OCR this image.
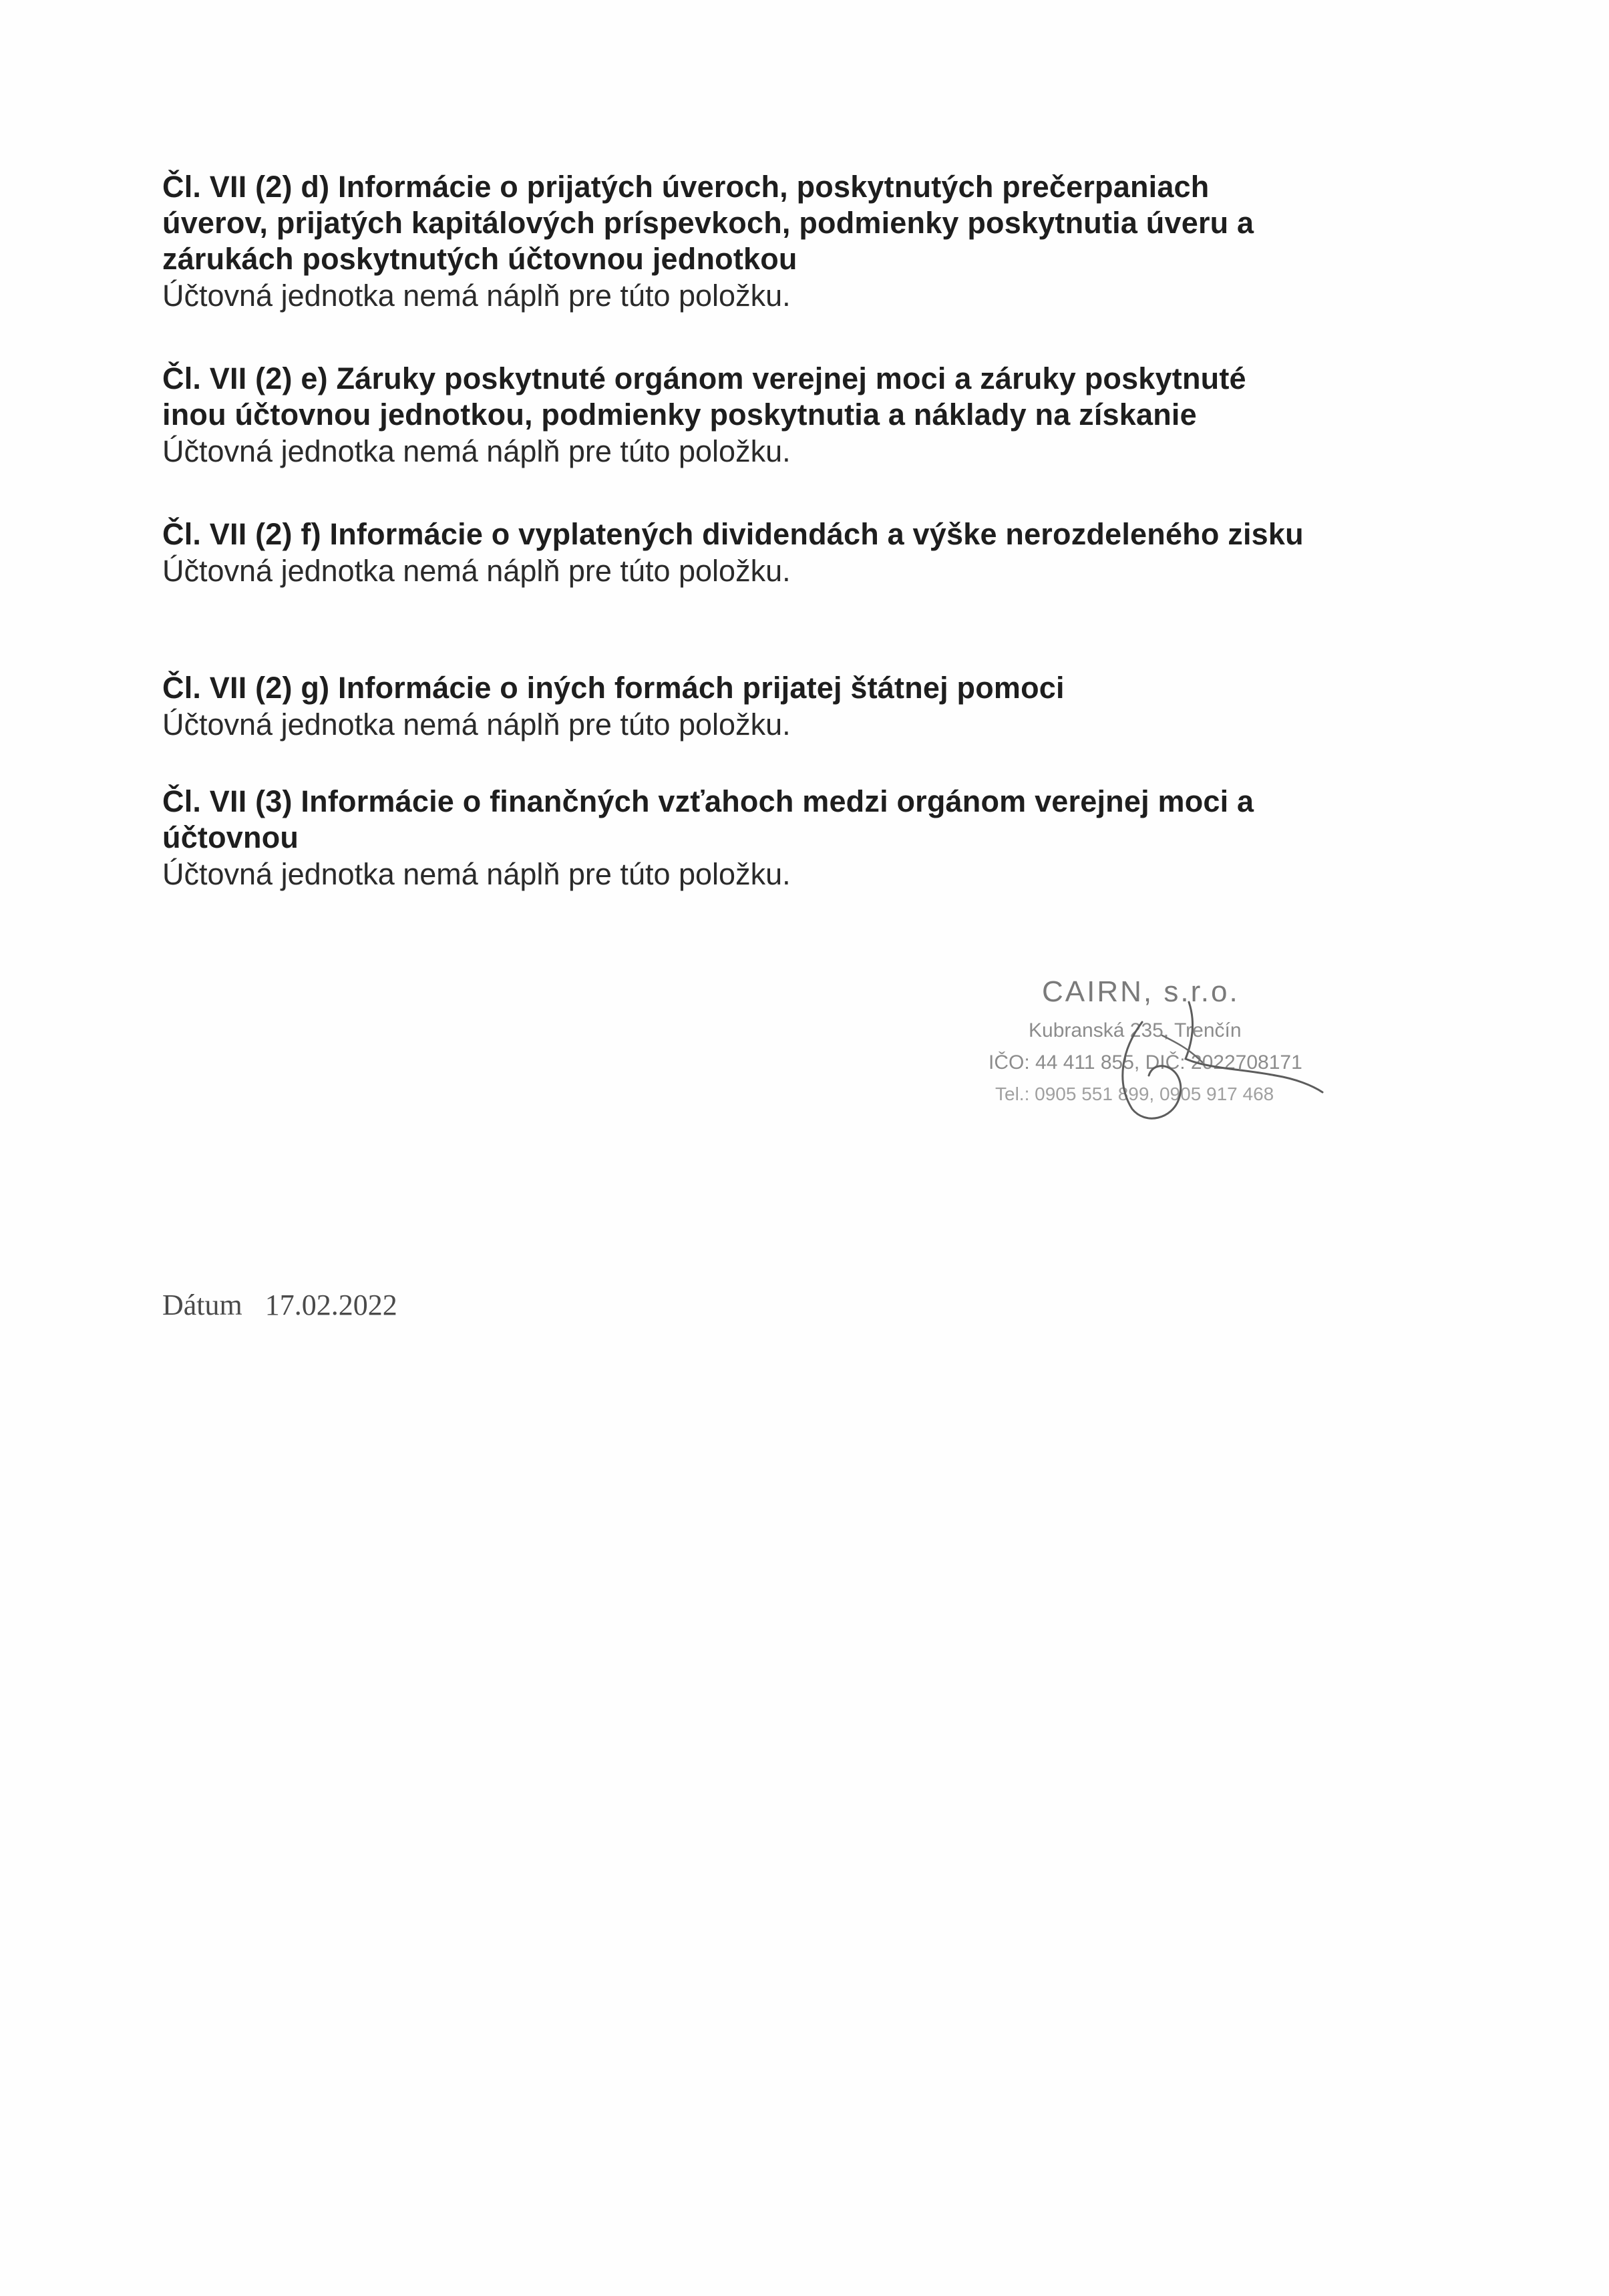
Čl. VII (2) d) Informácie o prijatých úveroch, poskytnutých prečerpaniach

úverov, prijatých kapitálových príspevkoch, podmienky poskytnutia úveru a

zárukách poskytnutých účtovnou jednotkou

Účtovná jednotka nemá náplň pre túto položku.

Čl. VII (2) e) Záruky poskytnuté orgánom verejnej moci a záruky poskytnuté

inou účtovnou jednotkou, podmienky poskytnutia a náklady na získanie

Účtovná jednotka nemá náplň pre túto položku.

Čl. VII (2) f) Informácie o vyplatených dividendách a výške nerozdeleného zisku

Účtovná jednotka nemá náplň pre túto položku.

Čl. VII (2) g) Informácie o iných formách prijatej štátnej pomoci

Účtovná jednotka nemá náplň pre túto položku.

Čl. VII (3) Informácie o finančných vzťahoch medzi orgánom verejnej moci a

účtovnou

Účtovná jednotka nemá náplň pre túto položku.

CAIRN, s.r.o.
Kubranská 235, Trenčín
IČO: 44 411 855, DIČ: 2022708171
Tel.: 0905 551 899, 0905 917 468
Dátum 17.02.2022
